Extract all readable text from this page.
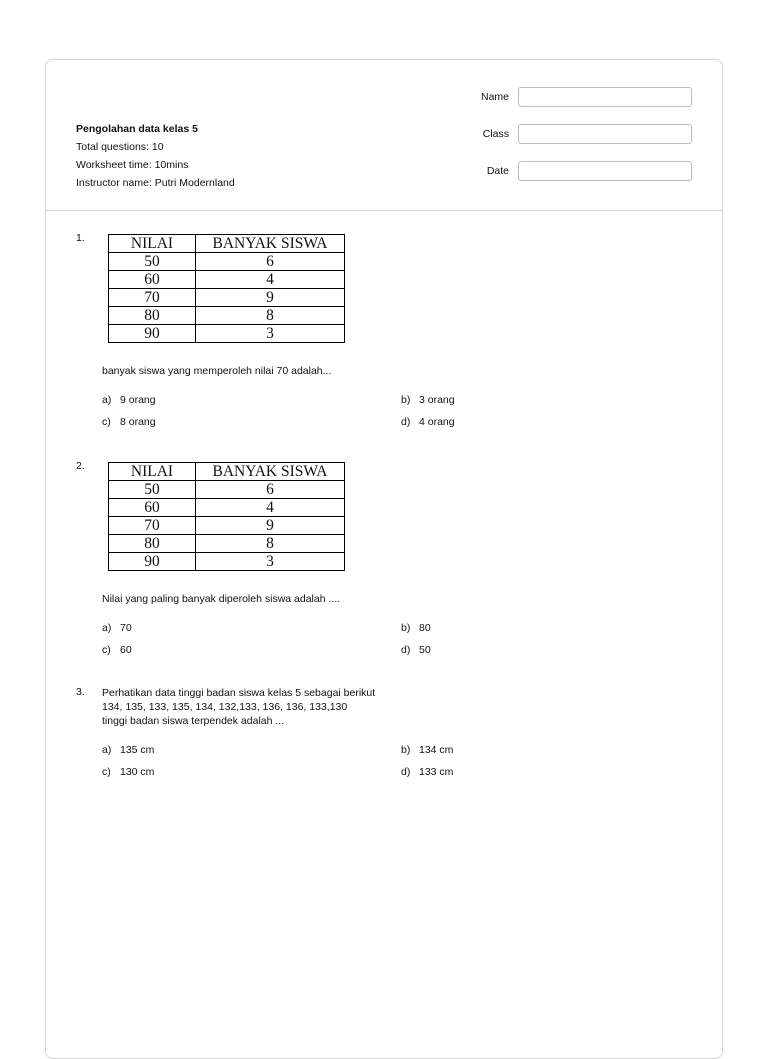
Pengolahan data kelas 5
Total questions: 10
Worksheet time: 10mins
Instructor name: Putri Modernland
Name
Class
Date
1.	NILAI	BANYAK SISWA
50	6
60	4
70	9
80	8
90	3
banyak siswa yang memperoleh nilai 70 adalah...
a) 9 orang	b) 3 orang
c) 8 orang	d) 4 orang
2.	NILAI	BANYAK SISWA
50	6
60	4
70	9
80	8
90	3
Nilai yang paling banyak diperoleh siswa adalah ....
a) 70	b) 80
c) 60	d) 50
3. Perhatikan data tinggi badan siswa kelas 5 sebagai berikut
134, 135, 133, 135, 134, 132,133, 136, 136, 133,130
tinggi badan siswa terpendek adalah ...
a) 135 cm	b) 134 cm
c) 130 cm	d) 133 cm
